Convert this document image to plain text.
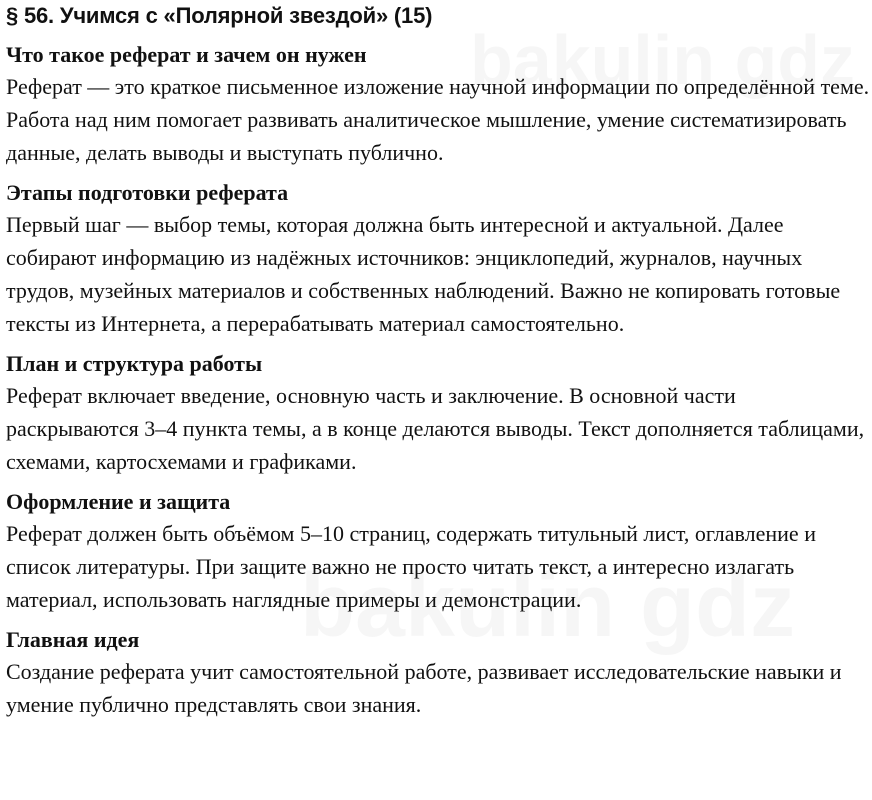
§ 56. Учимся с «Полярной звездой» (15)
Что такое реферат и зачем он нужен

Реферат — это краткое письменное изложение научной информации по определённой теме. Работа над ним помогает развивать аналитическое мышление, умение систематизировать данные, делать выводы и выступать публично.

Этапы подготовки реферата

Первый шаг — выбор темы, которая должна быть интересной и актуальной. Далее собирают информацию из надёжных источников: энциклопедий, журналов, научных трудов, музейных материалов и собственных наблюдений. Важно не копировать готовые тексты из Интернета, а перерабатывать материал самостоятельно.

План и структура работы

Реферат включает введение, основную часть и заключение. В основной части раскрываются 3–4 пункта темы, а в конце делаются выводы. Текст дополняется таблицами, схемами, картосхемами и графиками.

Оформление и защита

Реферат должен быть объёмом 5–10 страниц, содержать титульный лист, оглавление и список литературы. При защите важно не просто читать текст, а интересно излагать материал, использовать наглядные примеры и демонстрации.

Главная идея

Создание реферата учит самостоятельной работе, развивает исследовательские навыки и умение публично представлять свои знания.
